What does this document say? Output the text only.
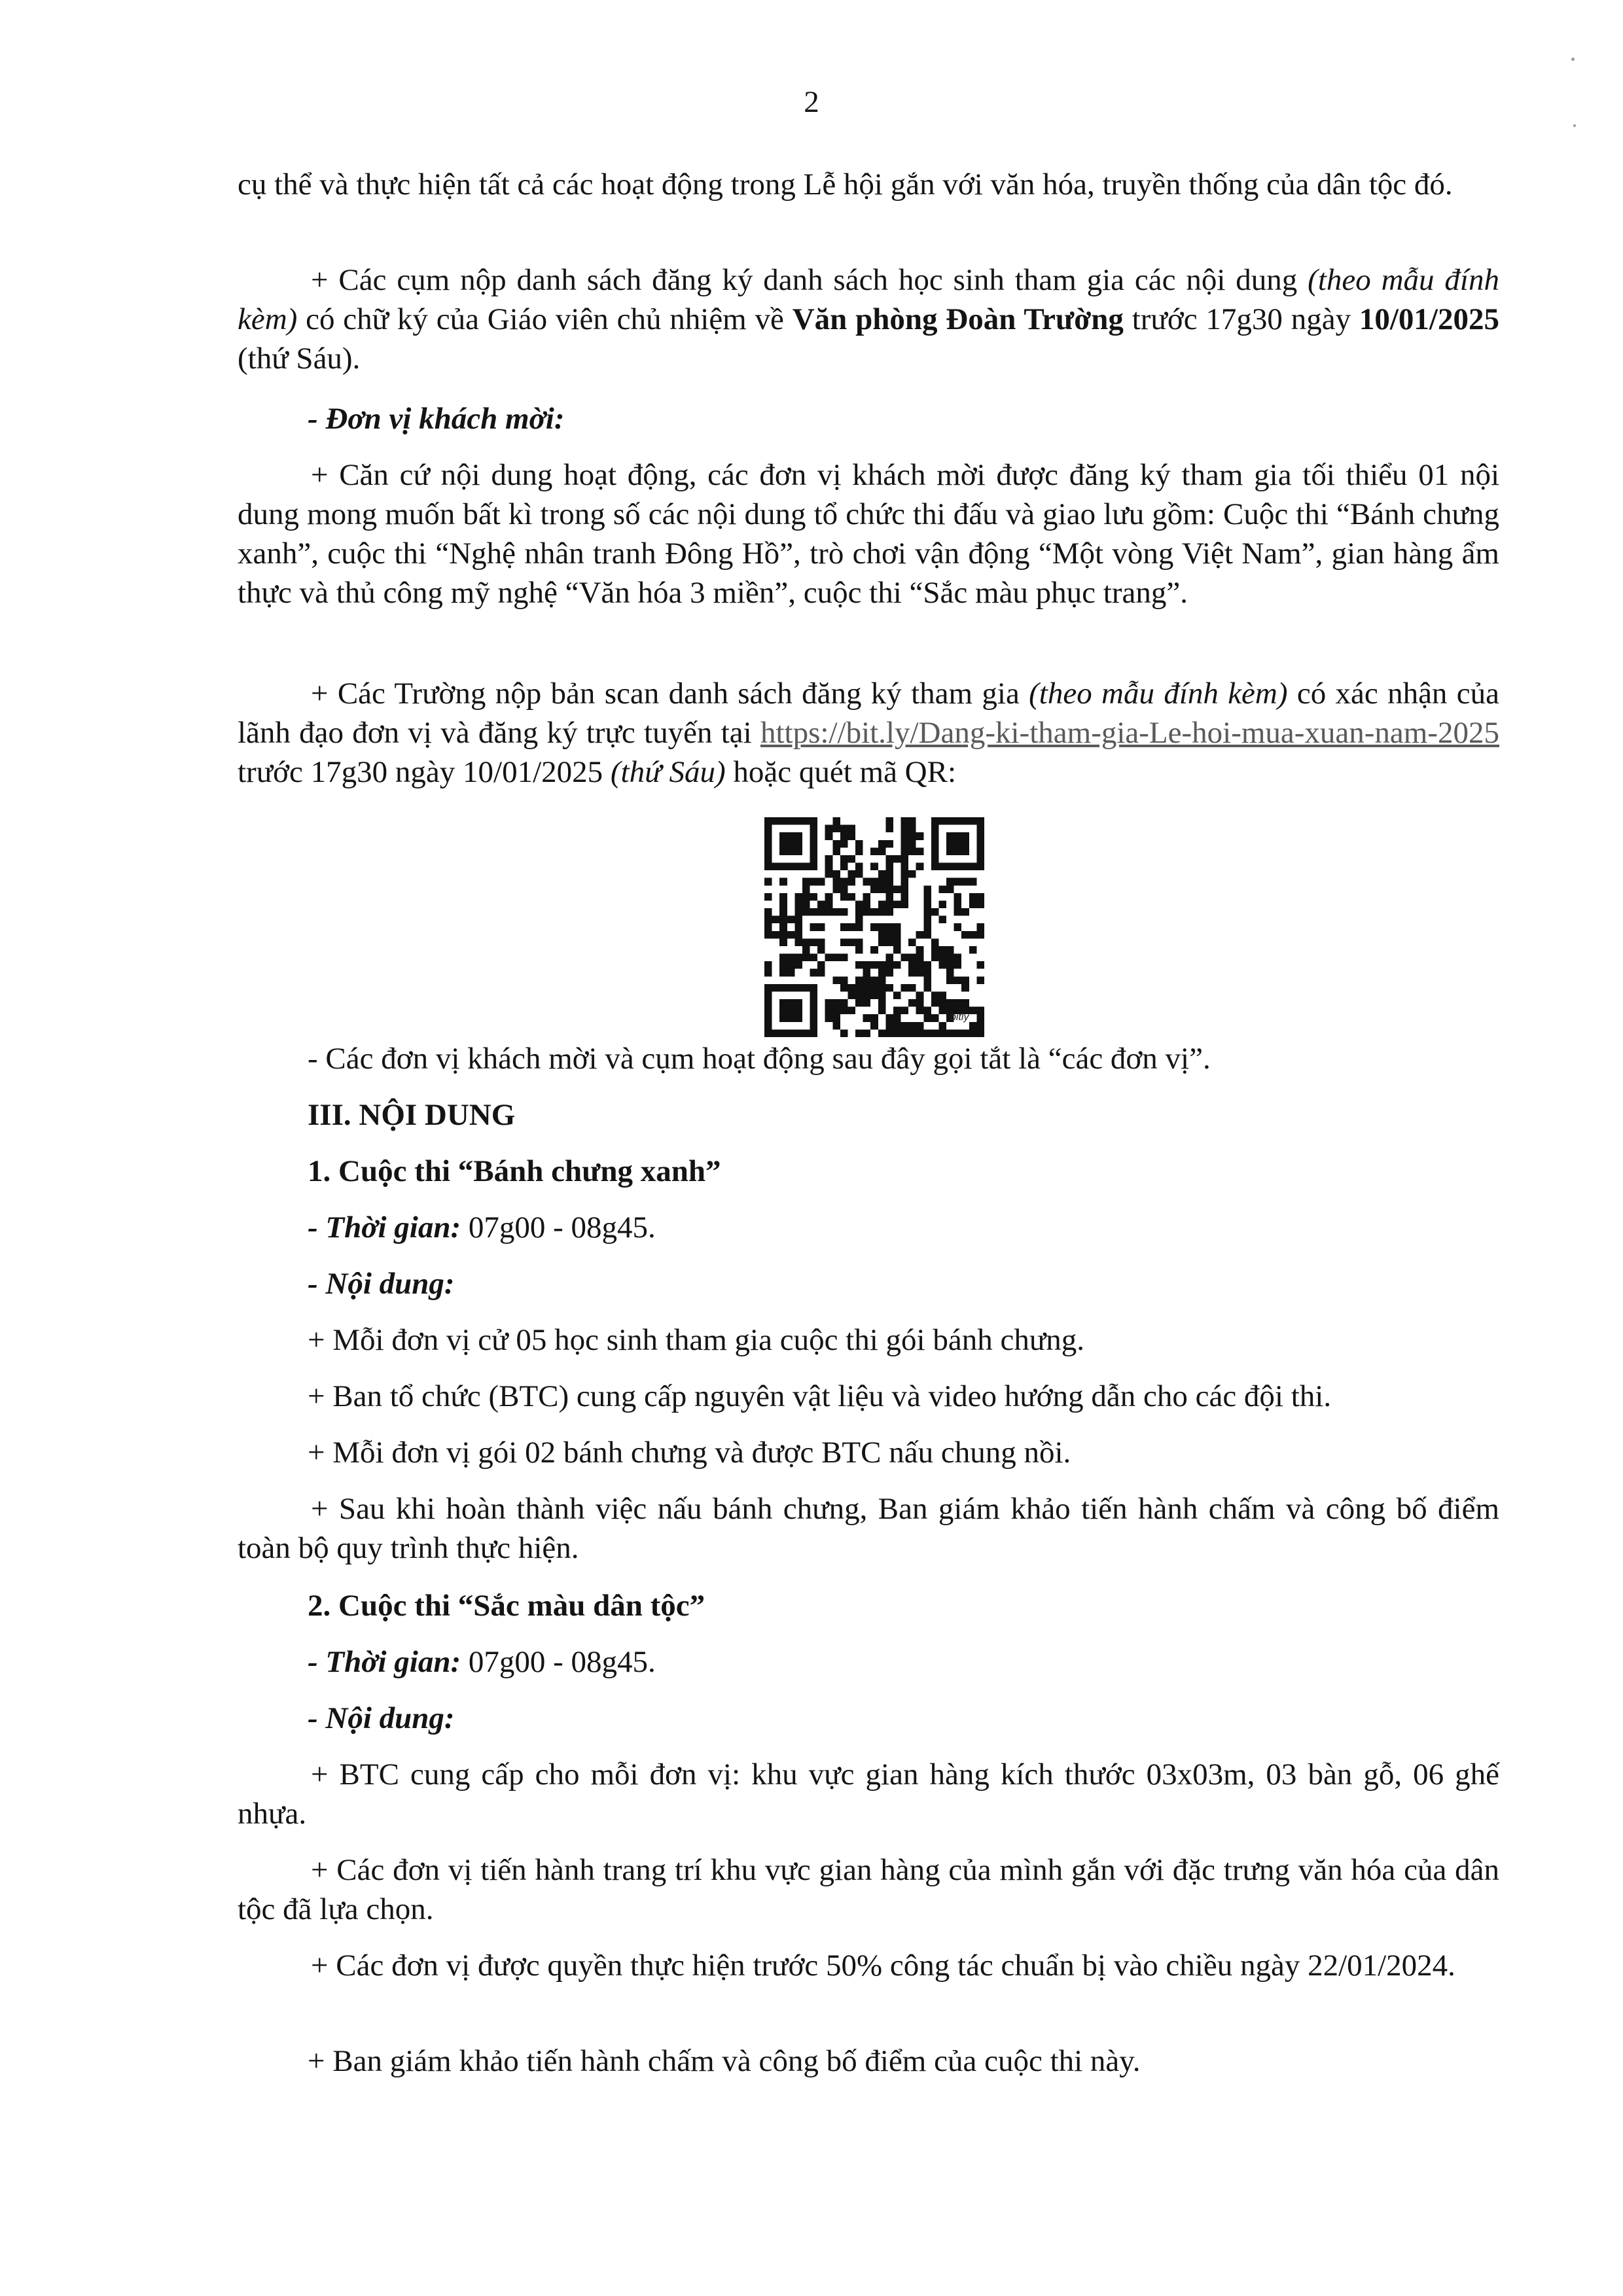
2

cụ thể và thực hiện tất cả các hoạt động trong Lễ hội gắn với văn hóa, truyền thống của dân tộc đó.

+ Các cụm nộp danh sách đăng ký danh sách học sinh tham gia các nội dung (theo mẫu đính kèm) có chữ ký của Giáo viên chủ nhiệm về Văn phòng Đoàn Trường trước 17g30 ngày 10/01/2025 (thứ Sáu).

- Đơn vị khách mời:

+ Căn cứ nội dung hoạt động, các đơn vị khách mời được đăng ký tham gia tối thiểu 01 nội dung mong muốn bất kì trong số các nội dung tổ chức thi đấu và giao lưu gồm: Cuộc thi “Bánh chưng xanh”, cuộc thi “Nghệ nhân tranh Đông Hồ”, trò chơi vận động “Một vòng Việt Nam”, gian hàng ẩm thực và thủ công mỹ nghệ “Văn hóa 3 miền”, cuộc thi “Sắc màu phục trang”.

+ Các Trường nộp bản scan danh sách đăng ký tham gia (theo mẫu đính kèm) có xác nhận của lãnh đạo đơn vị và đăng ký trực tuyến tại https://bit.ly/Dang-ki-tham-gia-Le-hoi-mua-xuan-nam-2025 trước 17g30 ngày 10/01/2025 (thứ Sáu) hoặc quét mã QR:

bitly

- Các đơn vị khách mời và cụm hoạt động sau đây gọi tắt là “các đơn vị”.

III. NỘI DUNG

1. Cuộc thi “Bánh chưng xanh”

- Thời gian: 07g00 - 08g45.

- Nội dung:

+ Mỗi đơn vị cử 05 học sinh tham gia cuộc thi gói bánh chưng.

+ Ban tổ chức (BTC) cung cấp nguyên vật liệu và video hướng dẫn cho các đội thi.

+ Mỗi đơn vị gói 02 bánh chưng và được BTC nấu chung nồi.

+ Sau khi hoàn thành việc nấu bánh chưng, Ban giám khảo tiến hành chấm và công bố điểm toàn bộ quy trình thực hiện.

2. Cuộc thi “Sắc màu dân tộc”

- Thời gian: 07g00 - 08g45.

- Nội dung:

+ BTC cung cấp cho mỗi đơn vị: khu vực gian hàng kích thước 03x03m, 03 bàn gỗ, 06 ghế nhựa.

+ Các đơn vị tiến hành trang trí khu vực gian hàng của mình gắn với đặc trưng văn hóa của dân tộc đã lựa chọn.

+ Các đơn vị được quyền thực hiện trước 50% công tác chuẩn bị vào chiều ngày 22/01/2024.

+ Ban giám khảo tiến hành chấm và công bố điểm của cuộc thi này.
